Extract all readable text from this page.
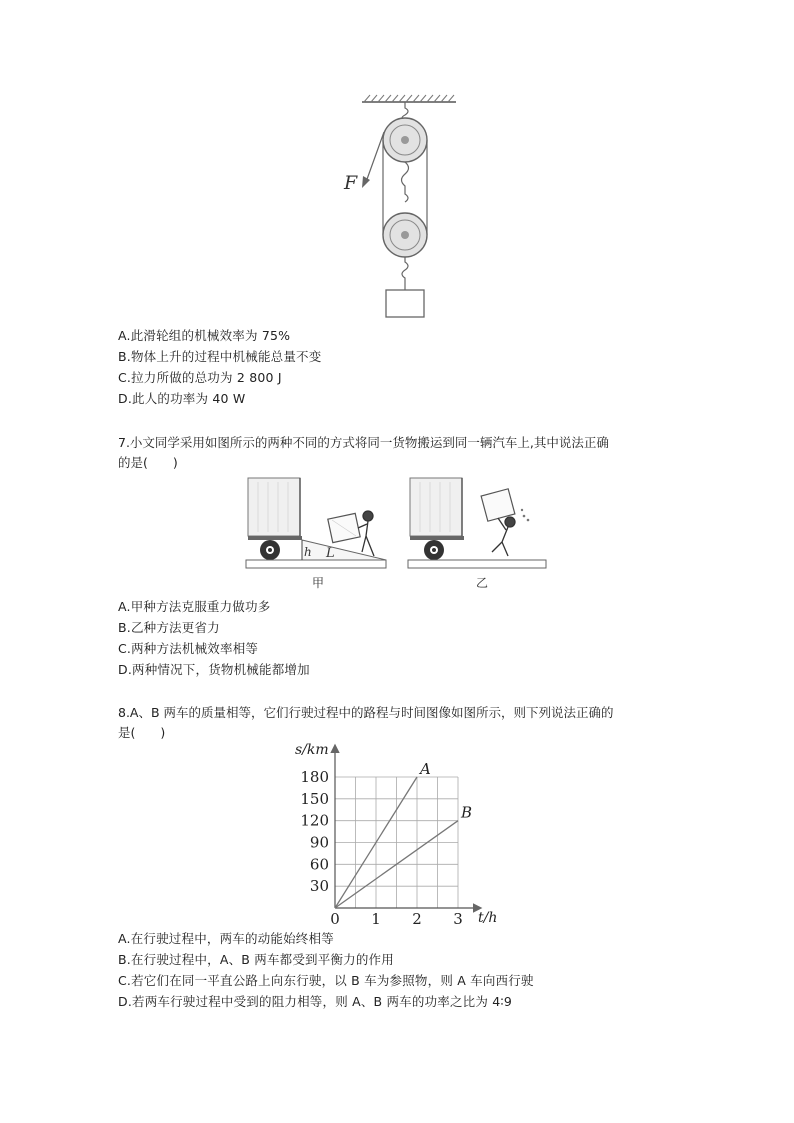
F
A.此滑轮组的机械效率为 75%
B.物体上升的过程中机械能总量不变
C.拉力所做的总功为 2 800 J
D.此人的功率为 40 W
7.小文同学采用如图所示的两种不同的方式将同一货物搬运到同一辆汽车上,其中说法正确
的是(　　)
h L
甲	乙
A.甲种方法克服重力做功多
B.乙种方法更省力
C.两种方法机械效率相等
D.两种情况下，货物机械能都增加
8.A、B 两车的质量相等，它们行驶过程中的路程与时间图像如图所示，则下列说法正确的
是(　　)
A
B
0 1 2 3
30
60
90
120
150
180
s/km
t/h
A.在行驶过程中，两车的动能始终相等
B.在行驶过程中，A、B 两车都受到平衡力的作用
C.若它们在同一平直公路上向东行驶，以 B 车为参照物，则 A 车向西行驶
D.若两车行驶过程中受到的阻力相等，则 A、B 两车的功率之比为 4∶9
